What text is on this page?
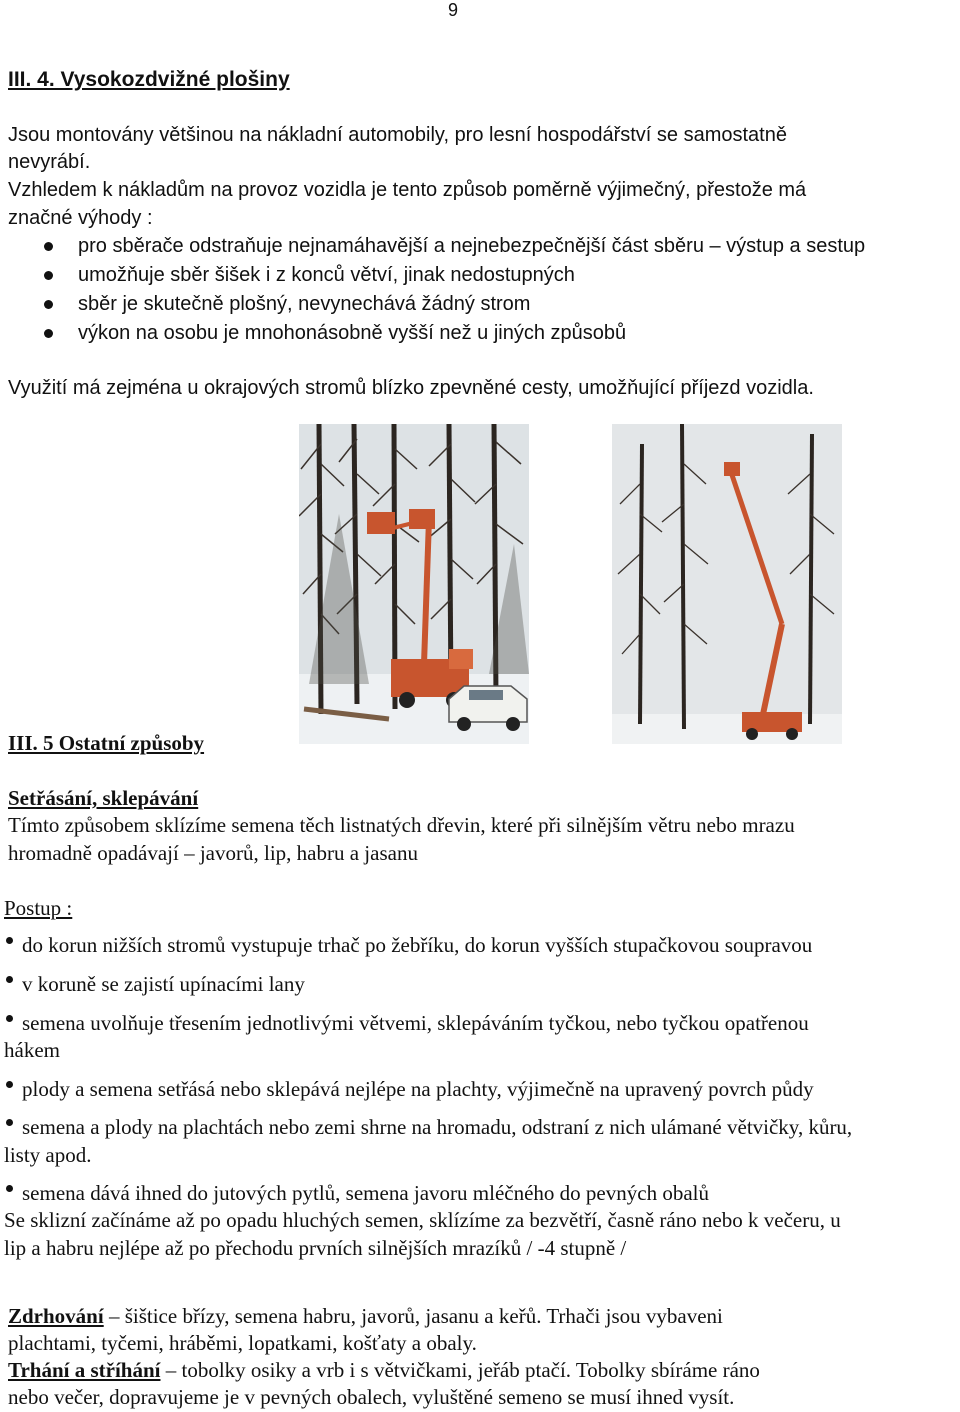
9
III. 4. Vysokozdvižné plošiny
Jsou montovány většinou na nákladní automobily, pro lesní hospodářství se samostatně
nevyrábí.
Vzhledem k nákladům na provoz vozidla je tento způsob poměrně výjimečný, přestože má
značné výhody :
pro sběrače odstraňuje nejnamáhavější a nejnebezpečnější část sběru – výstup a sestup
umožňuje sběr šišek i z konců větví, jinak nedostupných
sběr je skutečně plošný, nevynechává žádný strom
výkon na osobu je mnohonásobně vyšší než u jiných způsobů
Využití má zejména u okrajových stromů blízko zpevněné cesty, umožňující příjezd vozidla.
III. 5 Ostatní způsoby
Setřásání, sklepávání
Tímto způsobem sklízíme semena těch listnatých dřevin, které při silnějším větru nebo mrazu
hromadně opadávají – javorů, lip, habru a jasanu
Postup :
do korun nižších stromů vystupuje trhač po žebříku, do korun vyšších stupačkovou soupravou
v koruně se zajistí upínacími lany
semena uvolňuje třesením jednotlivými větvemi, sklepáváním tyčkou, nebo tyčkou opatřenou
hákem
plody a semena setřásá nebo sklepává nejlépe na plachty, výjimečně na upravený povrch půdy
semena a plody na plachtách nebo zemi shrne na hromadu, odstraní z nich ulámané větvičky, kůru,
listy apod.
semena dává ihned do jutových pytlů, semena javoru mléčného do pevných obalů
Se sklizní začínáme až po opadu hluchých semen, sklízíme za bezvětří, časně ráno nebo k večeru, u
lip a habru nejlépe až po přechodu prvních silnějších mrazíků / -4 stupně /
Zdrhování – šištice břízy, semena habru, javorů, jasanu a keřů. Trhači jsou vybaveni
plachtami, tyčemi, hráběmi, lopatkami, košťaty a obaly.
Trhání a stříhání – tobolky osiky a vrb i s větvičkami, jeřáb ptačí. Tobolky sbíráme ráno
nebo večer, dopravujeme je v pevných obalech, vyluštěné semeno se musí ihned vysít.
